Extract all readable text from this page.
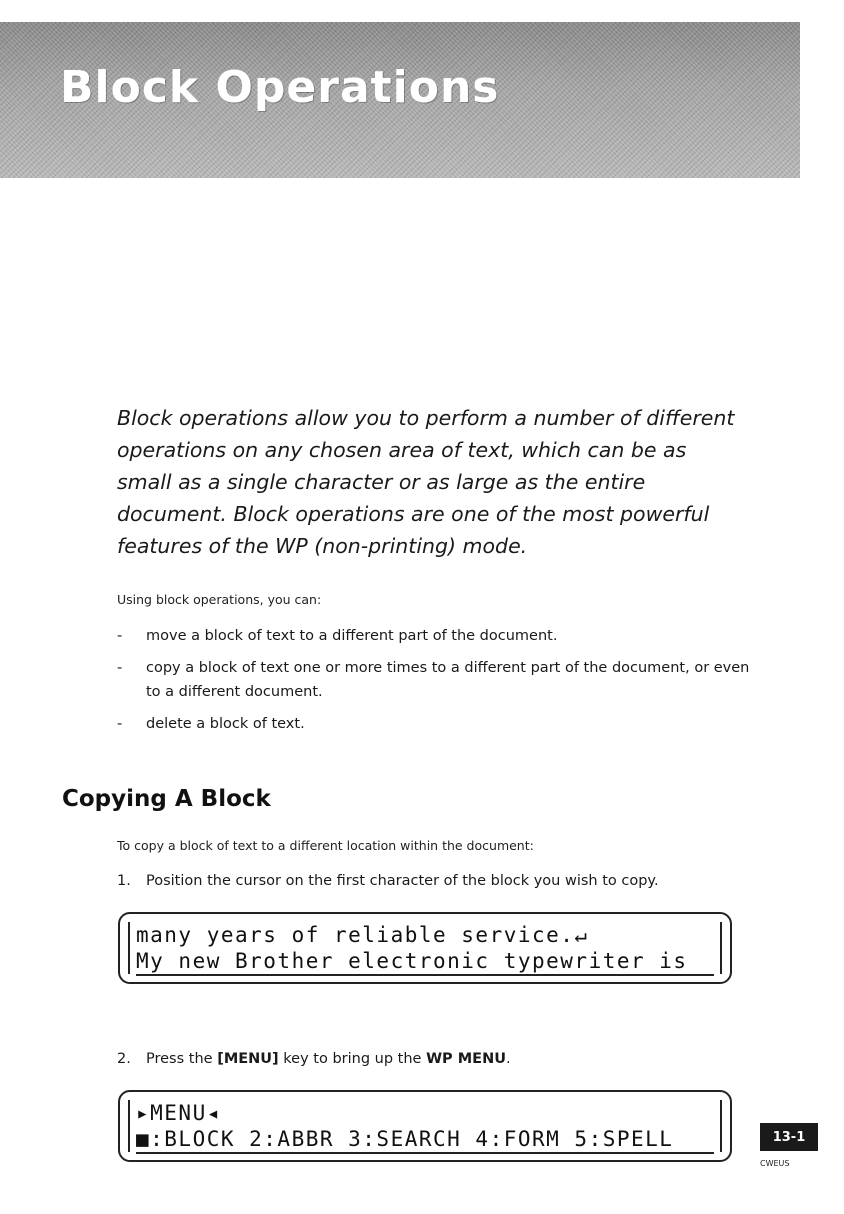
Block Operations

Block operations allow you to perform a number of different operations on any chosen area of text, which can be as small as a single character or as large as the entire document. Block operations are one of the most powerful features of the WP (non-printing) mode.

Using block operations, you can:

- move a block of text to a different part of the document.
- copy a block of text one or more times to a different part of the document, or even to a different document.
- delete a block of text.
Copying A Block

To copy a block of text to a different location within the document:

1. Position the cursor on the first character of the block you wish to copy.

many years of reliable service.↵
My new Brother electronic typewriter is

2. Press the [MENU] key to bring up the WP MENU.

▸MENU◂
■:BLOCK 2:ABBR 3:SEARCH 4:FORM 5:SPELL	13-1
CWEUS
